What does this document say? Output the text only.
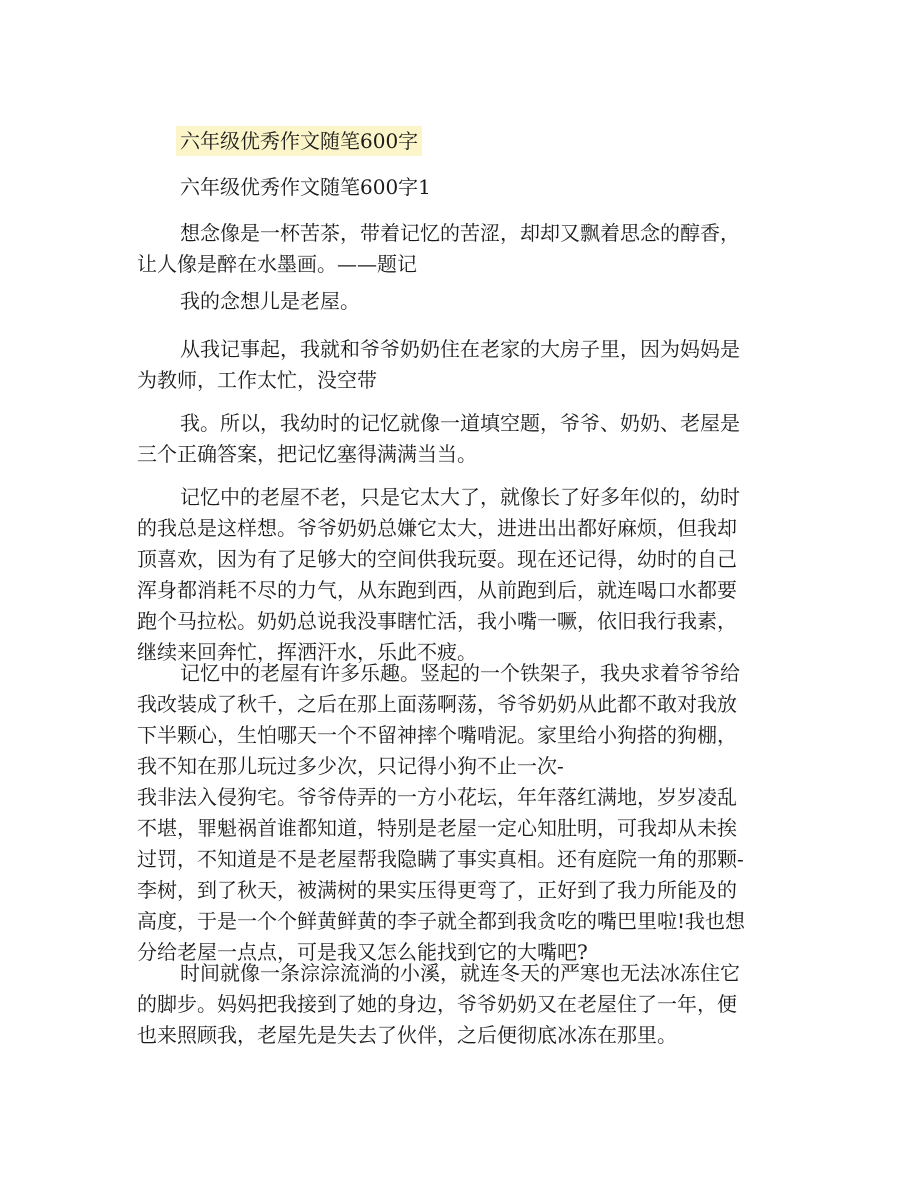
六年级优秀作文随笔600字
六年级优秀作文随笔600字1

想念像是一杯苦茶，带着记忆的苦涩，却却又飘着思念的醇香，
让人像是醉在水墨画。——题记

我的念想儿是老屋。

从我记事起，我就和爷爷奶奶住在老家的大房子里，因为妈妈是
为教师，工作太忙，没空带

我。所以，我幼时的记忆就像一道填空题，爷爷、奶奶、老屋是
三个正确答案，把记忆塞得满满当当。

记忆中的老屋不老，只是它太大了，就像长了好多年似的，幼时
的我总是这样想。爷爷奶奶总嫌它太大，进进出出都好麻烦，但我却
顶喜欢，因为有了足够大的空间供我玩耍。现在还记得，幼时的自己
浑身都消耗不尽的力气，从东跑到西，从前跑到后，就连喝口水都要
跑个马拉松。奶奶总说我没事瞎忙活，我小嘴一噘，依旧我行我素，
继续来回奔忙，挥洒汗水，乐此不疲。

记忆中的老屋有许多乐趣。竖起的一个铁架子，我央求着爷爷给
我改装成了秋千，之后在那上面荡啊荡，爷爷奶奶从此都不敢对我放
下半颗心，生怕哪天一个不留神摔个嘴啃泥。家里给小狗搭的狗棚，
我不知在那儿玩过多少次，只记得小狗不止一次-
我非法入侵狗宅。爷爷侍弄的一方小花坛，年年落红满地，岁岁凌乱
不堪，罪魁祸首谁都知道，特别是老屋一定心知肚明，可我却从未挨
过罚，不知道是不是老屋帮我隐瞒了事实真相。还有庭院一角的那颗-
李树，到了秋天，被满树的果实压得更弯了，正好到了我力所能及的
高度，于是一个个鲜黄鲜黄的李子就全都到我贪吃的嘴巴里啦!我也想
分给老屋一点点，可是我又怎么能找到它的大嘴吧?

时间就像一条淙淙流淌的小溪，就连冬天的严寒也无法冰冻住它
的脚步。妈妈把我接到了她的身边，爷爷奶奶又在老屋住了一年，便
也来照顾我，老屋先是失去了伙伴，之后便彻底冰冻在那里。
